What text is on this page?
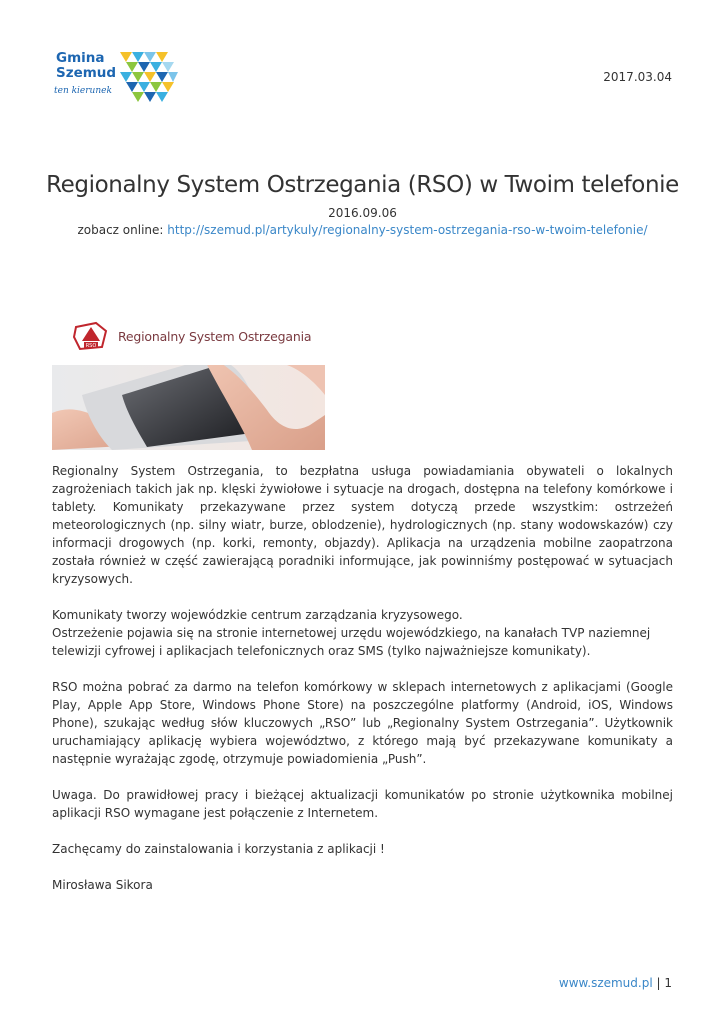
Gmina
Szemud
ten kierunek
2017.03.04
Regionalny System Ostrzegania (RSO) w Twoim telefonie
2016.09.06
zobacz online: http://szemud.pl/artykuly/regionalny-system-ostrzegania-rso-w-twoim-telefonie/
RSO
Regionalny System Ostrzegania

Regionalny System Ostrzegania, to bezpłatna usługa powiadamiania obywateli o lokalnych zagrożeniach takich jak np. klęski żywiołowe i sytuacje na drogach, dostępna na telefony komórkowe i tablety. Komunikaty przekazywane przez system dotyczą przede wszystkim: ostrzeżeń meteorologicznych (np. silny wiatr, burze, oblodzenie), hydrologicznych (np. stany wodowskazów) czy informacji drogowych (np. korki, remonty, objazdy). Aplikacja na urządzenia mobilne zaopatrzona została również w część zawierającą poradniki informujące, jak powinniśmy postępować w sytuacjach kryzysowych.

Komunikaty tworzy wojewódzkie centrum zarządzania kryzysowego.
Ostrzeżenie pojawia się na stronie internetowej urzędu wojewódzkiego, na kanałach TVP naziemnej telewizji cyfrowej i aplikacjach telefonicznych oraz SMS (tylko najważniejsze komunikaty).

RSO można pobrać za darmo na telefon komórkowy w sklepach internetowych z aplikacjami (Google Play, Apple App Store, Windows Phone Store) na poszczególne platformy (Android, iOS, Windows Phone), szukając według słów kluczowych „RSO” lub „Regionalny System Ostrzegania”. Użytkownik uruchamiający aplikację wybiera województwo, z którego mają być przekazywane komunikaty a następnie wyrażając zgodę, otrzymuje powiadomienia „Push”.

Uwaga. Do prawidłowej pracy i bieżącej aktualizacji komunikatów po stronie użytkownika mobilnej aplikacji RSO wymagane jest połączenie z Internetem.

Zachęcamy do zainstalowania i korzystania z aplikacji !

Mirosława Sikora

www.szemud.pl | 1
